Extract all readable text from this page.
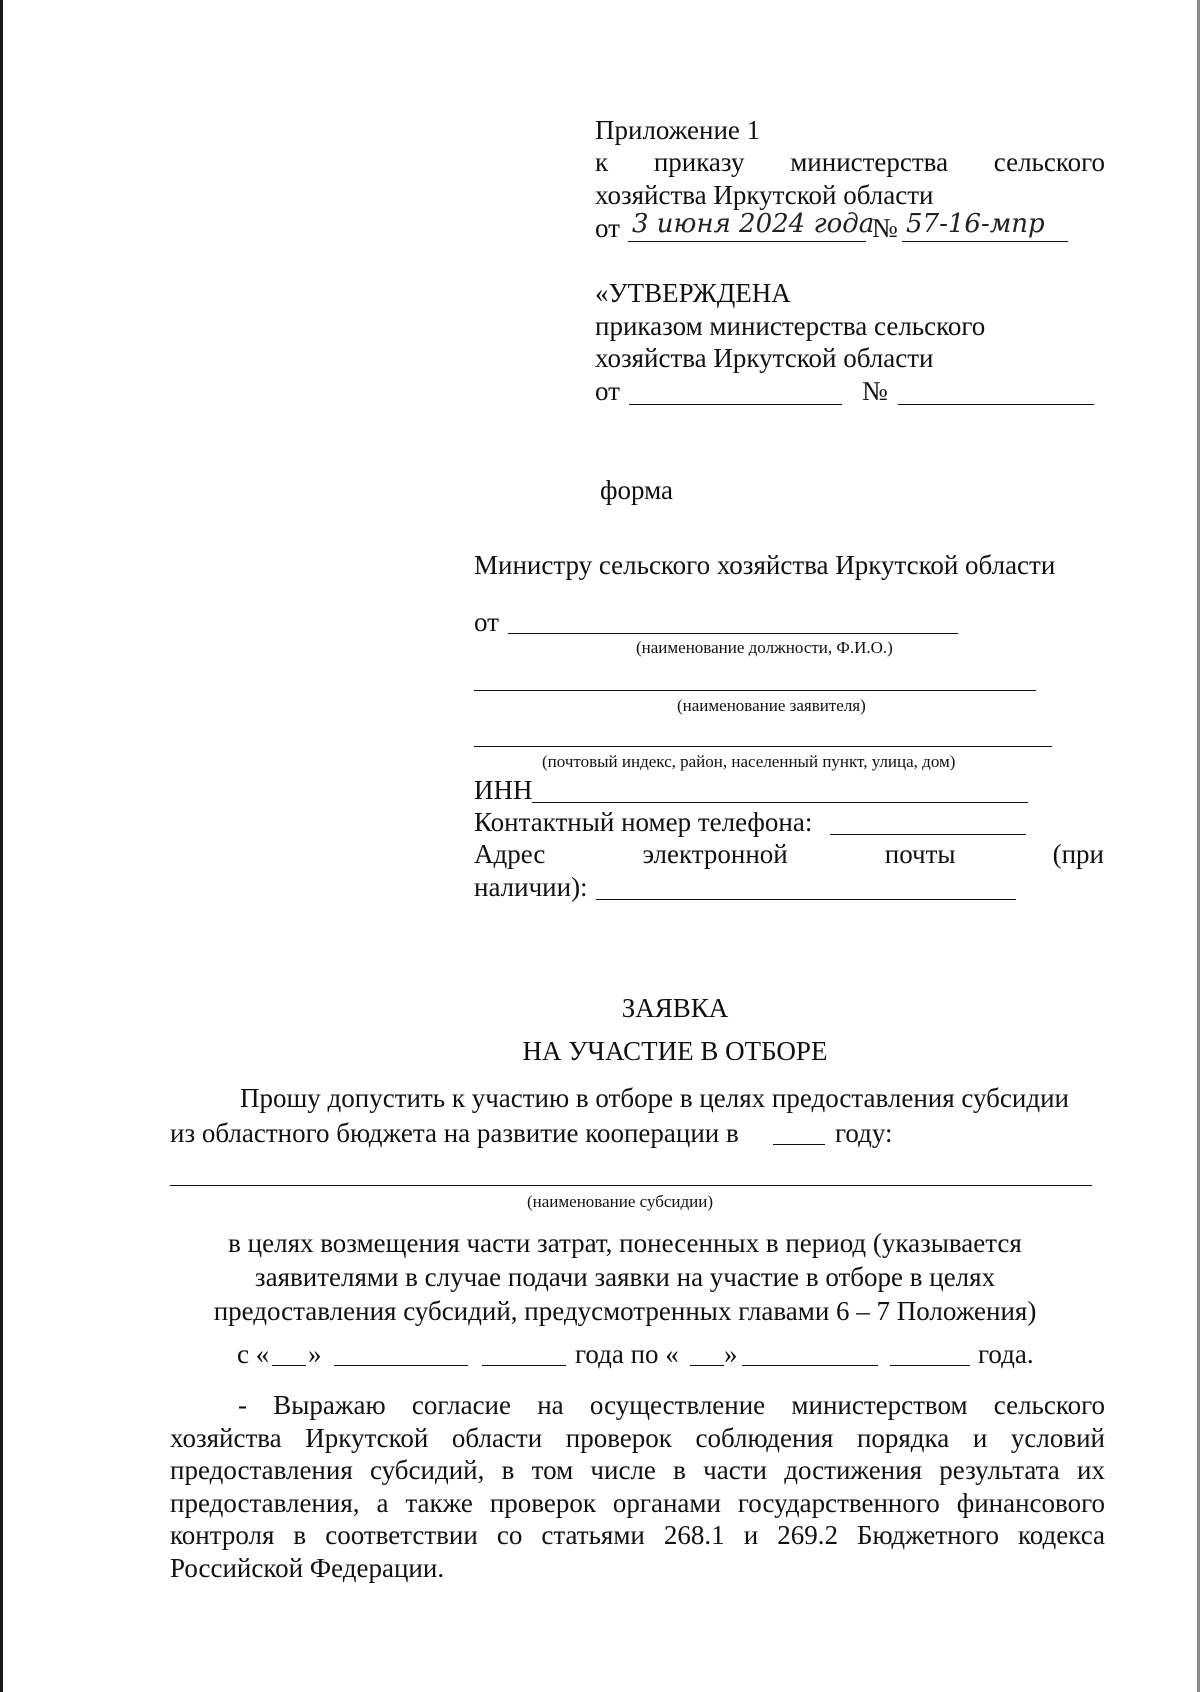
Приложение 1
к приказу министерства сельского
хозяйства Иркутской области
от 3 июня 2024 года
№ 57-16-мпр
«УТВЕРЖДЕНА
приказом министерства сельского
хозяйства Иркутской области
от	№
форма
Министру сельского хозяйства Иркутской области
от
(наименование должности, Ф.И.О.)
(наименование заявителя)
(почтовый индекс, район, населенный пункт, улица, дом)
ИНН
Контактный номер телефона:
Адрес	электронной	почты	(при
наличии):
ЗАЯВКА
НА УЧАСТИЕ В ОТБОРЕ
Прошу допустить к участию в отборе в целях предоставления субсидии
из областного бюджета на развитие кооперации в	году:
(наименование субсидии)
в целях возмещения части затрат, понесенных в период (указывается
заявителями в случае подачи заявки на участие в отборе в целях
предоставления субсидий, предусмотренных главами 6 – 7 Положения)
с « »	года по « »	года.
- Выражаю согласие на осуществление министерством сельского хозяйства Иркутской области проверок соблюдения порядка и условий предоставления субсидий, в том числе в части достижения результата их предоставления, а также проверок органами государственного финансового контроля в соответствии со статьями 268.1 и 269.2 Бюджетного кодекса Российской Федерации.
